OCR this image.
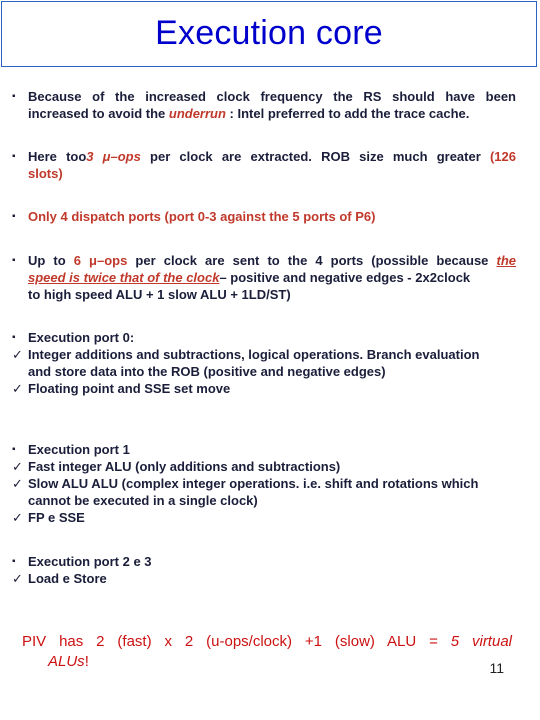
Execution core
▪ Because of the increased clock frequency the RS should have been
increased to avoid the underrun : Intel preferred to add the trace cache.
▪ Here too3 μ–ops per clock are extracted. ROB size much greater (126
slots)
▪ Only 4 dispatch ports (port 0-3 against the 5 ports of P6)
▪ Up to 6 μ–ops per clock are sent to the 4 ports (possible because the
speed is twice that of the clock– positive and negative edges - 2x2clock
to high speed ALU + 1 slow ALU + 1LD/ST)
▪ Execution port 0:
✓ Integer additions and subtractions, logical operations. Branch evaluation
and store data into the ROB (positive and negative edges)
✓ Floating point and SSE set move
▪ Execution port 1
✓ Fast integer ALU (only additions and subtractions)
✓ Slow ALU ALU (complex integer operations. i.e. shift and rotations which
cannot be executed in a single clock)
✓ FP e SSE
▪ Execution port 2 e 3
✓ Load e Store
PIV has 2 (fast) x 2 (u-ops/clock) +1 (slow) ALU = 5 virtual
ALUs!	11
